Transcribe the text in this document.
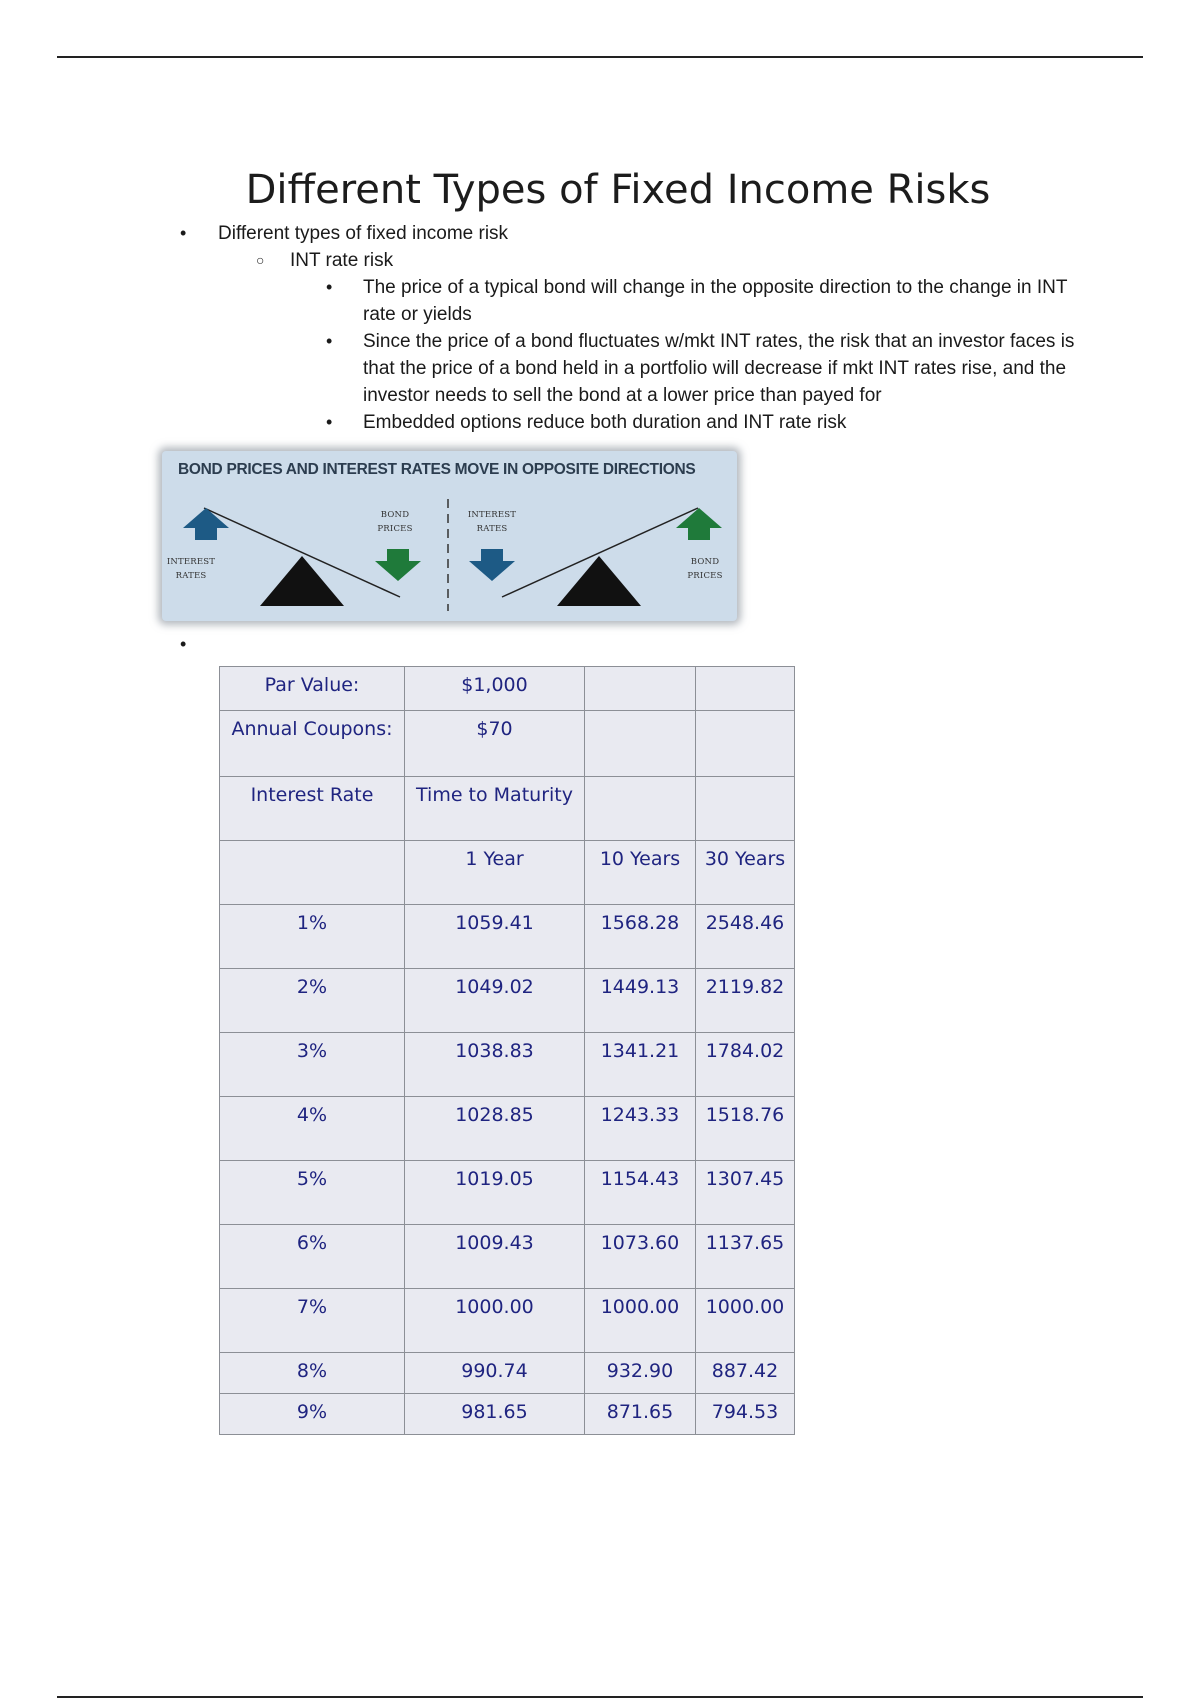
Different Types of Fixed Income Risks
• Different types of fixed income risk
○ INT rate risk
• The price of a typical bond will change in the opposite direction to the change in INT rate or yields
• Since the price of a bond fluctuates w/mkt INT rates, the risk that an investor faces is that the price of a bond held in a portfolio will decrease if mkt INT rates rise, and the investor needs to sell the bond at a lower price than payed for
• Embedded options reduce both duration and INT rate risk
BOND PRICES AND INTEREST RATES MOVE IN OPPOSITE DIRECTIONS
INTEREST RATES
BOND PRICES
INTEREST RATES
BOND PRICES
•
Par Value:	$1,000		
Annual Coupons:	$70		
Interest Rate	Time to Maturity		
	1 Year	10 Years	30 Years
1%	1059.41	1568.28	2548.46
2%	1049.02	1449.13	2119.82
3%	1038.83	1341.21	1784.02
4%	1028.85	1243.33	1518.76
5%	1019.05	1154.43	1307.45
6%	1009.43	1073.60	1137.65
7%	1000.00	1000.00	1000.00
8%	990.74	932.90	887.42
9%	981.65	871.65	794.53
